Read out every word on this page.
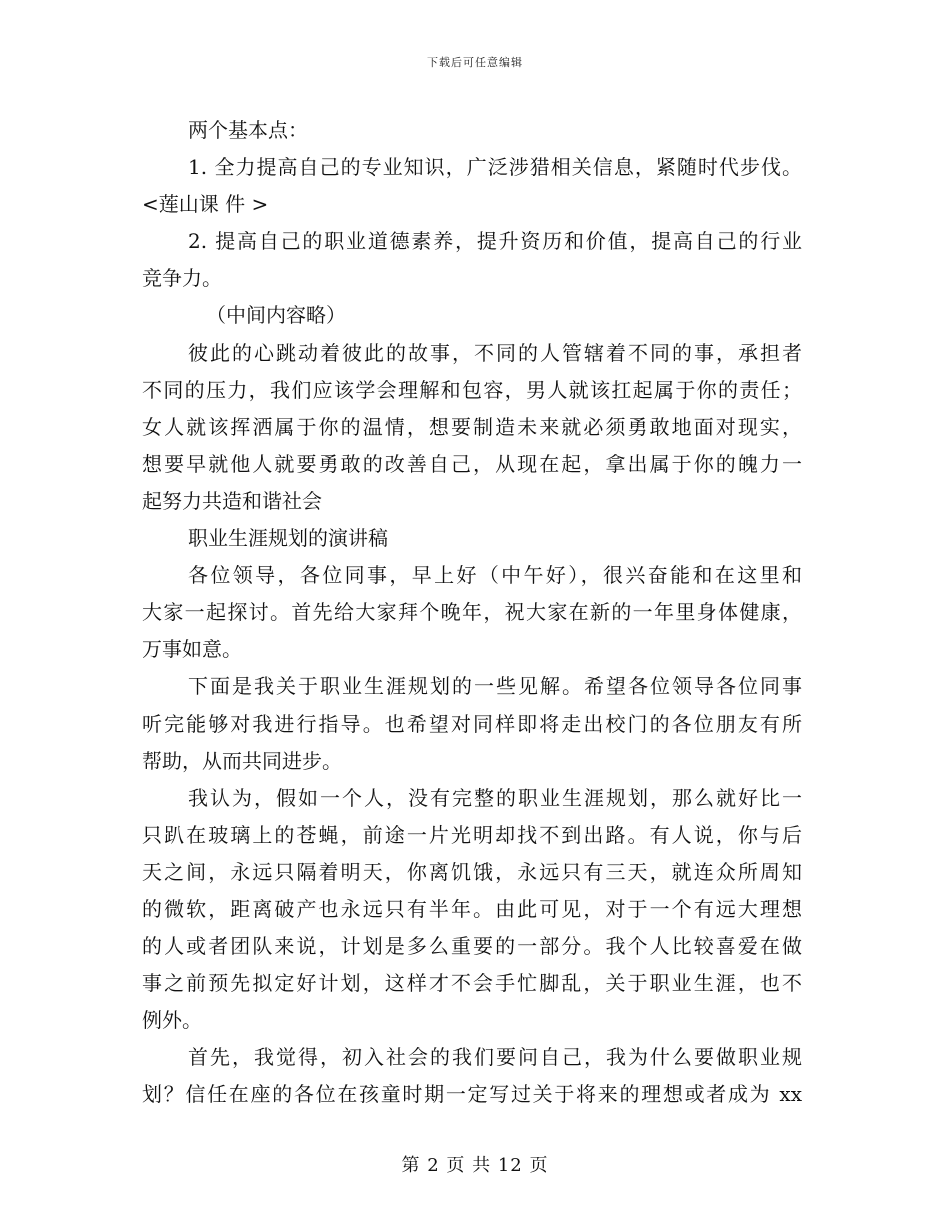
下载后可任意编辑
两个基本点：
1. 全力提高自己的专业知识，广泛涉猎相关信息，紧随时代步伐。
<莲山课 件 >
2. 提高自己的职业道德素养，提升资历和价值，提高自己的行业
竞争力。
（中间内容略）
彼此的心跳动着彼此的故事，不同的人管辖着不同的事，承担者
不同的压力，我们应该学会理解和包容，男人就该扛起属于你的责任；
女人就该挥洒属于你的温情，想要制造未来就必须勇敢地面对现实，
想要早就他人就要勇敢的改善自己，从现在起，拿出属于你的魄力一
起努力共造和谐社会
职业生涯规划的演讲稿
各位领导，各位同事，早上好（中午好），很兴奋能和在这里和
大家一起探讨。首先给大家拜个晚年，祝大家在新的一年里身体健康，
万事如意。
下面是我关于职业生涯规划的一些见解。希望各位领导各位同事
听完能够对我进行指导。也希望对同样即将走出校门的各位朋友有所
帮助，从而共同进步。
我认为，假如一个人，没有完整的职业生涯规划，那么就好比一
只趴在玻璃上的苍蝇，前途一片光明却找不到出路。有人说，你与后
天之间，永远只隔着明天，你离饥饿，永远只有三天，就连众所周知
的微软，距离破产也永远只有半年。由此可见，对于一个有远大理想
的人或者团队来说，计划是多么重要的一部分。我个人比较喜爱在做
事之前预先拟定好计划，这样才不会手忙脚乱，关于职业生涯，也不
例外。
首先，我觉得，初入社会的我们要问自己，我为什么要做职业规
划？信任在座的各位在孩童时期一定写过关于将来的理想或者成为 xx
第 2 页 共 12 页
